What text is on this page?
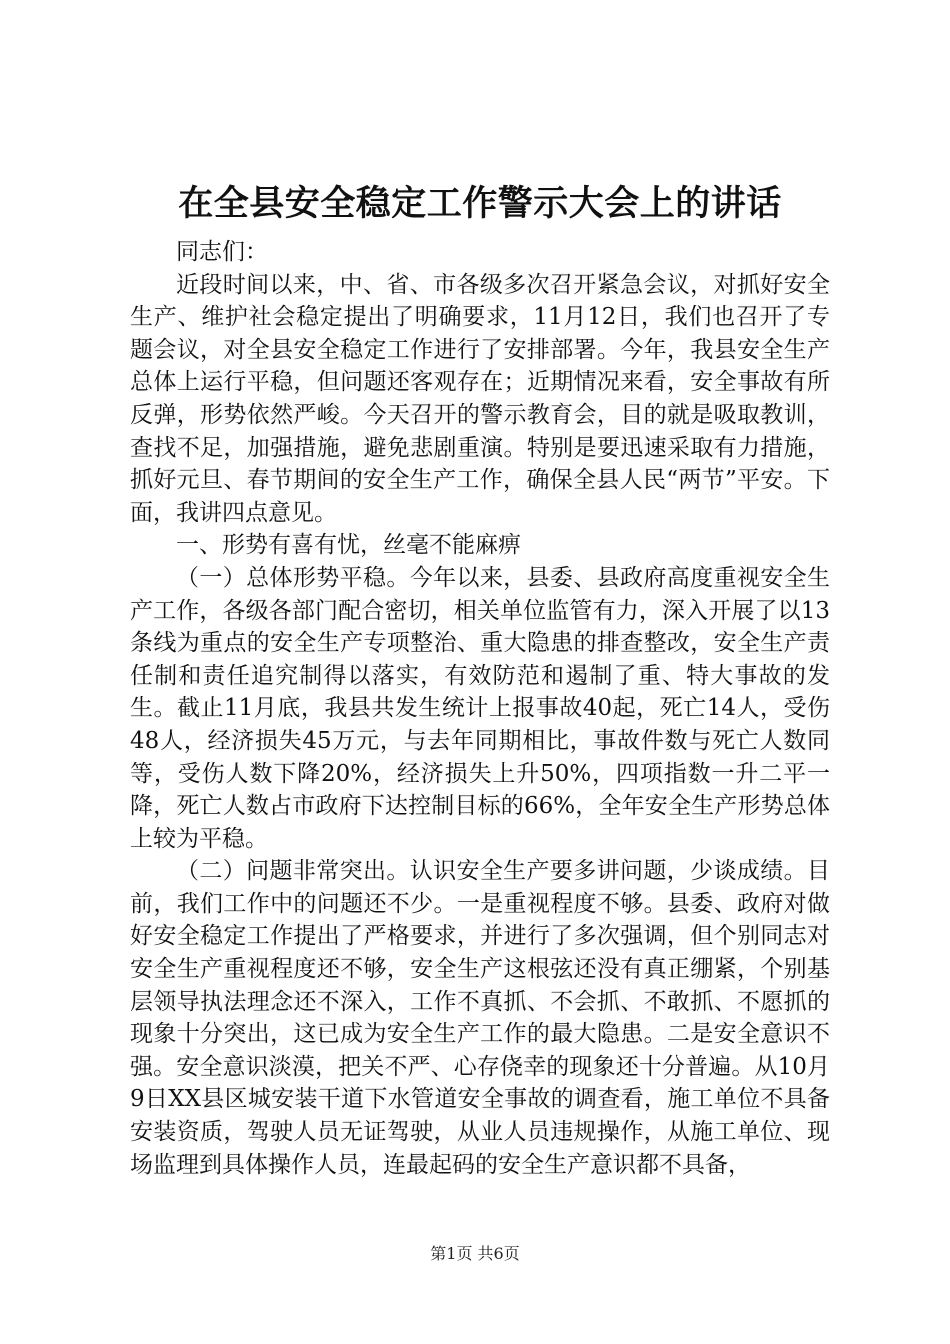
在全县安全稳定工作警示大会上的讲话

同志们：

近段时间以来，中、省、市各级多次召开紧急会议，对抓好安全生产、维护社会稳定提出了明确要求，11月12日，我们也召开了专题会议，对全县安全稳定工作进行了安排部署。今年，我县安全生产总体上运行平稳，但问题还客观存在；近期情况来看，安全事故有所反弹，形势依然严峻。今天召开的警示教育会，目的就是吸取教训，查找不足，加强措施，避免悲剧重演。特别是要迅速采取有力措施，抓好元旦、春节期间的安全生产工作，确保全县人民“两节”平安。下面，我讲四点意见。

一、形势有喜有忧，丝毫不能麻痹

（一）总体形势平稳。今年以来，县委、县政府高度重视安全生产工作，各级各部门配合密切，相关单位监管有力，深入开展了以13条线为重点的安全生产专项整治、重大隐患的排查整改，安全生产责任制和责任追究制得以落实，有效防范和遏制了重、特大事故的发生。截止11月底，我县共发生统计上报事故40起，死亡14人，受伤48人，经济损失45万元，与去年同期相比，事故件数与死亡人数同等，受伤人数下降20%，经济损失上升50%，四项指数一升二平一降，死亡人数占市政府下达控制目标的66%，全年安全生产形势总体上较为平稳。

（二）问题非常突出。认识安全生产要多讲问题，少谈成绩。目前，我们工作中的问题还不少。一是重视程度不够。县委、政府对做好安全稳定工作提出了严格要求，并进行了多次强调，但个别同志对安全生产重视程度还不够，安全生产这根弦还没有真正绷紧，个别基层领导执法理念还不深入，工作不真抓、不会抓、不敢抓、不愿抓的现象十分突出，这已成为安全生产工作的最大隐患。二是安全意识不强。安全意识淡漠，把关不严、心存侥幸的现象还十分普遍。从10月9日XX县区城安装干道下水管道安全事故的调查看，施工单位不具备安装资质，驾驶人员无证驾驶，从业人员违规操作，从施工单位、现场监理到具体操作人员，连最起码的安全生产意识都不具备，

第1页 共6页
